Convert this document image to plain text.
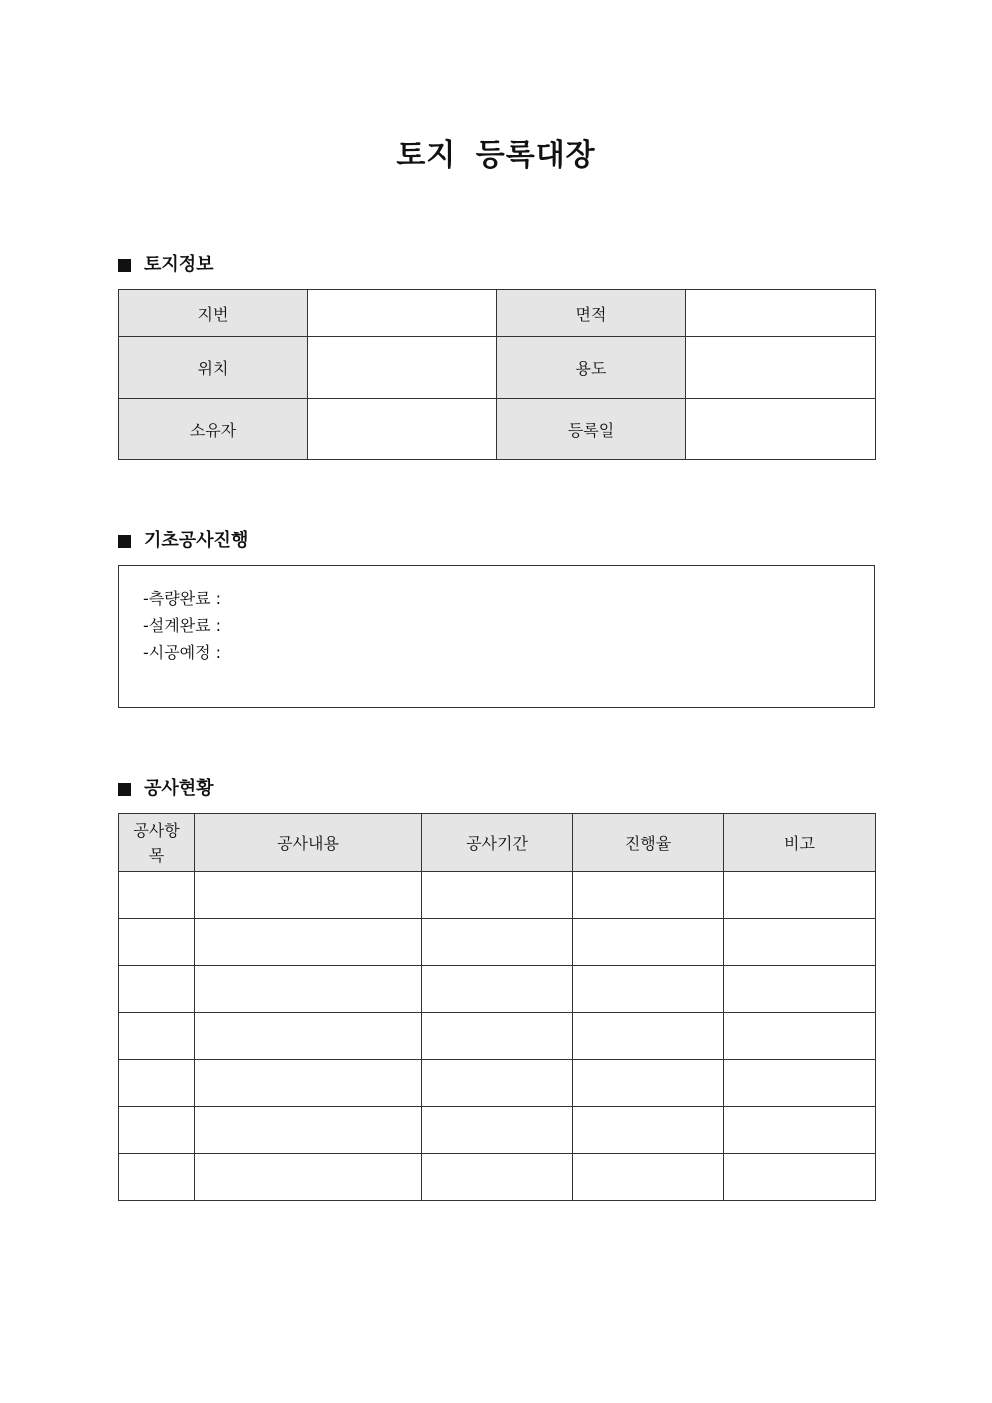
토지 등록대장
토지정보
지번		면적	
위치		용도	
소유자		등록일	
기초공사진행
-측량완료 :
-설계완료 :
-시공예정 :
공사현황
공사항목	공사내용	공사기간	진행율	비고
